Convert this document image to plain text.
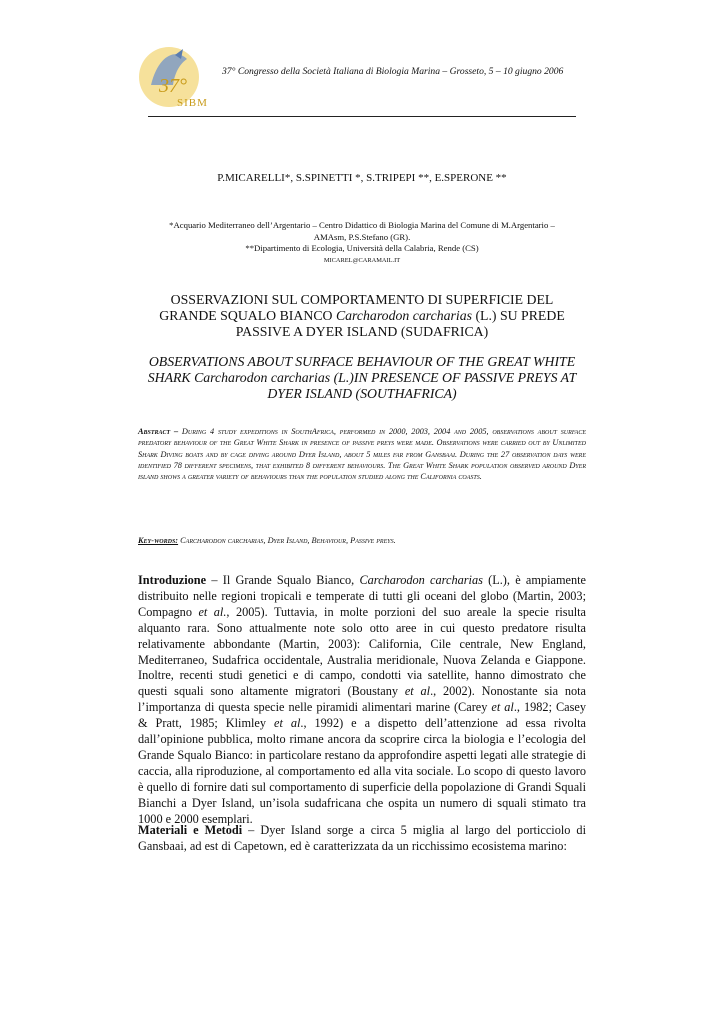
37°
SIBM
37° Congresso della Società Italiana di Biologia Marina – Grosseto, 5 – 10 giugno 2006
P.MICARELLI*, S.SPINETTI *, S.TRIPEPI **, E.SPERONE **
*Acquario Mediterraneo dell’Argentario – Centro Didattico di Biologia Marina del Comune di M.Argentario –
AMAsm, P.S.Stefano (GR).
**Dipartimento di Ecologia, Università della Calabria, Rende (CS)
MICAREL@CARAMAIL.IT
OSSERVAZIONI SUL COMPORTAMENTO DI SUPERFICIE DEL
GRANDE SQUALO BIANCO Carcharodon carcharias (L.) SU PREDE
PASSIVE A DYER ISLAND (SUDAFRICA)
OBSERVATIONS ABOUT SURFACE BEHAVIOUR OF THE GREAT WHITE
SHARK Carcharodon carcharias (L.)IN PRESENCE OF PASSIVE PREYS AT
DYER ISLAND (SOUTHAFRICA)
Abstract – During 4 study expeditions in SouthAfrica, performed in 2000, 2003, 2004 and 2005, observations about surface predatory behaviour of the Great White Shark in presence of passive preys were made. Observations were carried out by Unlimited Shark Diving boats and by cage diving around Dyer Island, about 5 miles far from Gansbaai. During the 27 observation days were identified 78 different specimens, that exhibited 8 different behaviours. The Great White Shark population observed around Dyer island shows a greater variety of behaviours than the population studied along the California coasts.
Key-words: Carcharodon carcharias, Dyer Island, Behaviour, Passive preys.

Introduzione – Il Grande Squalo Bianco, Carcharodon carcharias (L.), è ampiamente distribuito nelle regioni tropicali e temperate di tutti gli oceani del globo (Martin, 2003; Compagno et al., 2005). Tuttavia, in molte porzioni del suo areale la specie risulta alquanto rara. Sono attualmente note solo otto aree in cui questo predatore risulta relativamente abbondante (Martin, 2003): California, Cile centrale, New England, Mediterraneo, Sudafrica occidentale, Australia meridionale, Nuova Zelanda e Giappone. Inoltre, recenti studi genetici e di campo, condotti via satellite, hanno dimostrato che questi squali sono altamente migratori (Boustany et al., 2002). Nonostante sia nota l’importanza di questa specie nelle piramidi alimentari marine (Carey et al., 1982; Casey & Pratt, 1985; Klimley et al., 1992) e a dispetto dell’attenzione ad essa rivolta dall’opinione pubblica, molto rimane ancora da scoprire circa la biologia e l’ecologia del Grande Squalo Bianco: in particolare restano da approfondire aspetti legati alle strategie di caccia, alla riproduzione, al comportamento ed alla vita sociale. Lo scopo di questo lavoro è quello di fornire dati sul comportamento di superficie della popolazione di Grandi Squali Bianchi a Dyer Island, un’isola sudafricana che ospita un numero di squali stimato tra 1000 e 2000 esemplari.

Materiali e Metodi – Dyer Island sorge a circa 5 miglia al largo del porticciolo di Gansbaai, ad est di Capetown, ed è caratterizzata da un ricchissimo ecosistema marino:
